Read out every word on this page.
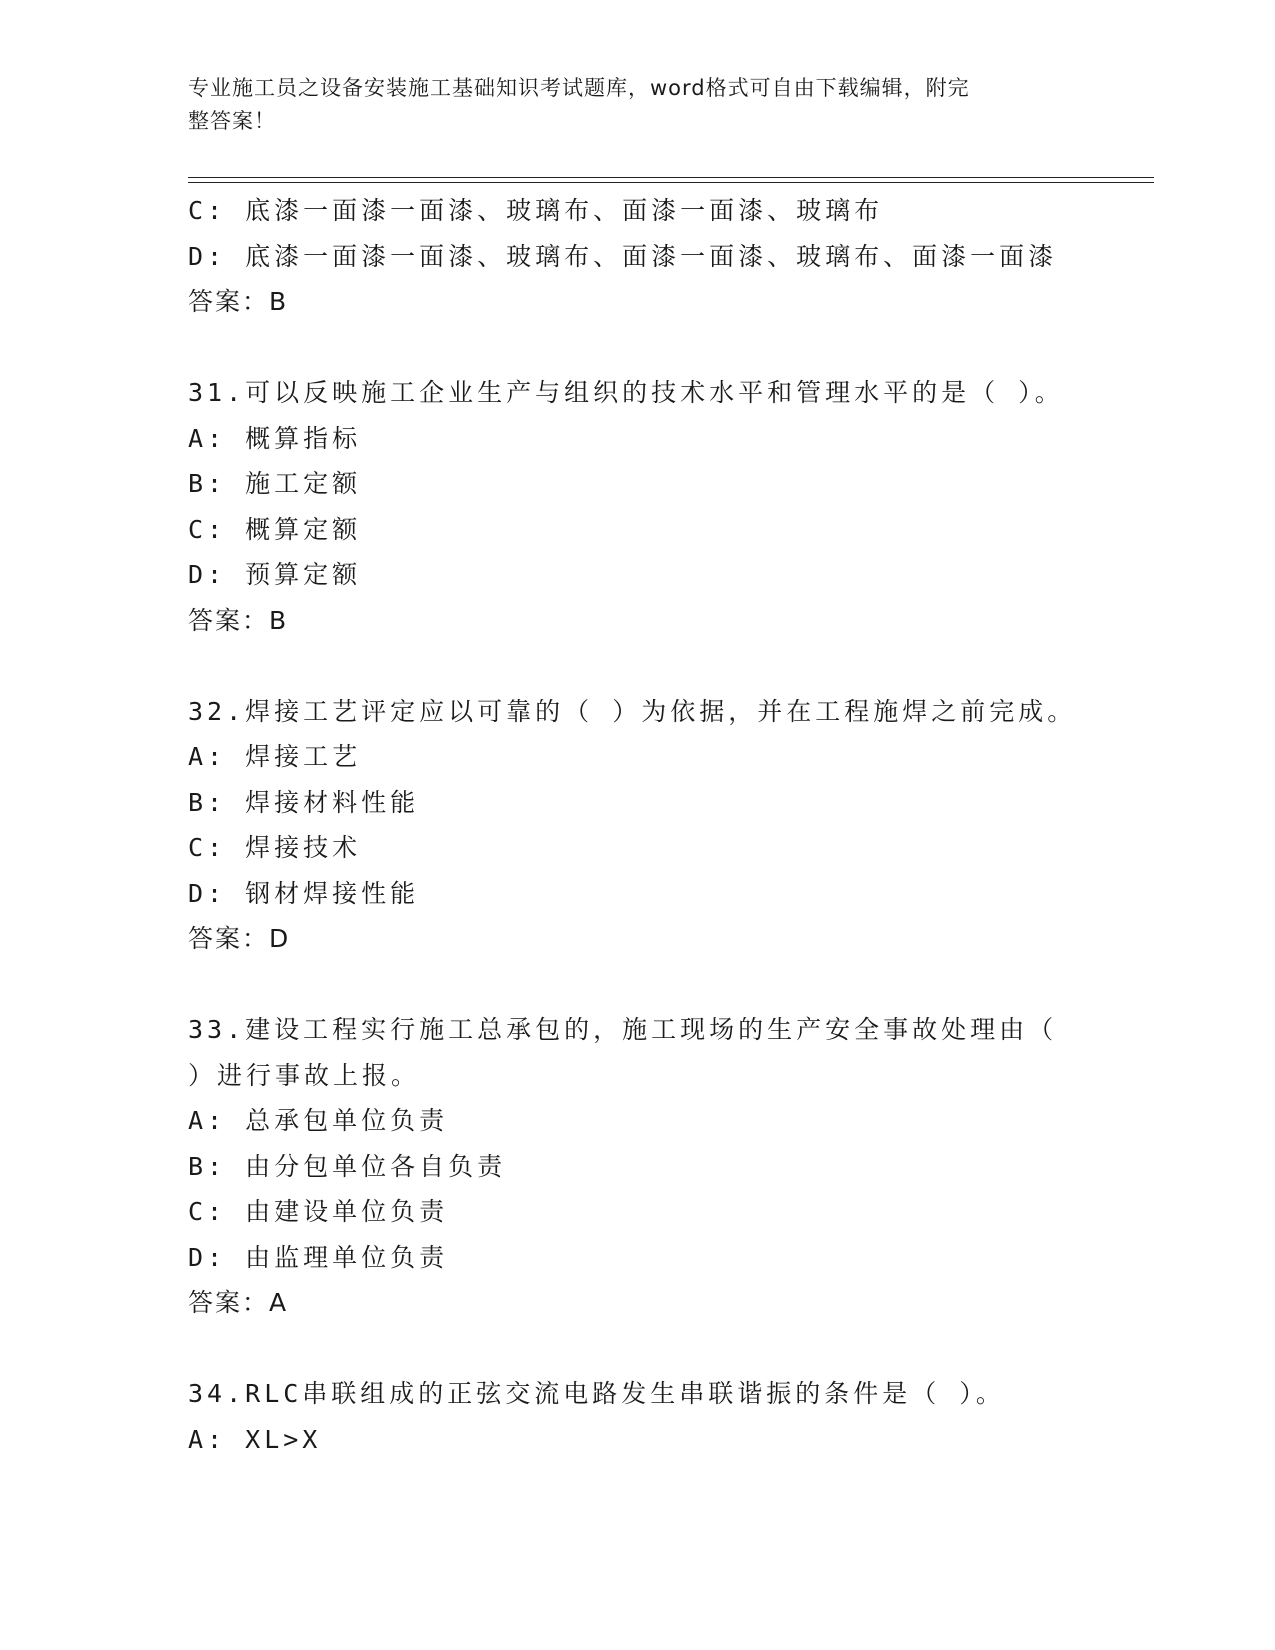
专业施工员之设备安装施工基础知识考试题库，word格式可自由下载编辑，附完
整答案！
C: 底漆一面漆一面漆、玻璃布、面漆一面漆、玻璃布
D: 底漆一面漆一面漆、玻璃布、面漆一面漆、玻璃布、面漆一面漆
答案：B
31.可以反映施工企业生产与组织的技术水平和管理水平的是（ ）。
A: 概算指标
B: 施工定额
C: 概算定额
D: 预算定额
答案：B
32.焊接工艺评定应以可靠的（ ）为依据，并在工程施焊之前完成。
A: 焊接工艺
B: 焊接材料性能
C: 焊接技术
D: 钢材焊接性能
答案：D
33.建设工程实行施工总承包的，施工现场的生产安全事故处理由（
）进行事故上报。
A: 总承包单位负责
B: 由分包单位各自负责
C: 由建设单位负责
D: 由监理单位负责
答案：A
34.RLC串联组成的正弦交流电路发生串联谐振的条件是（ ）。
A: XL>X
